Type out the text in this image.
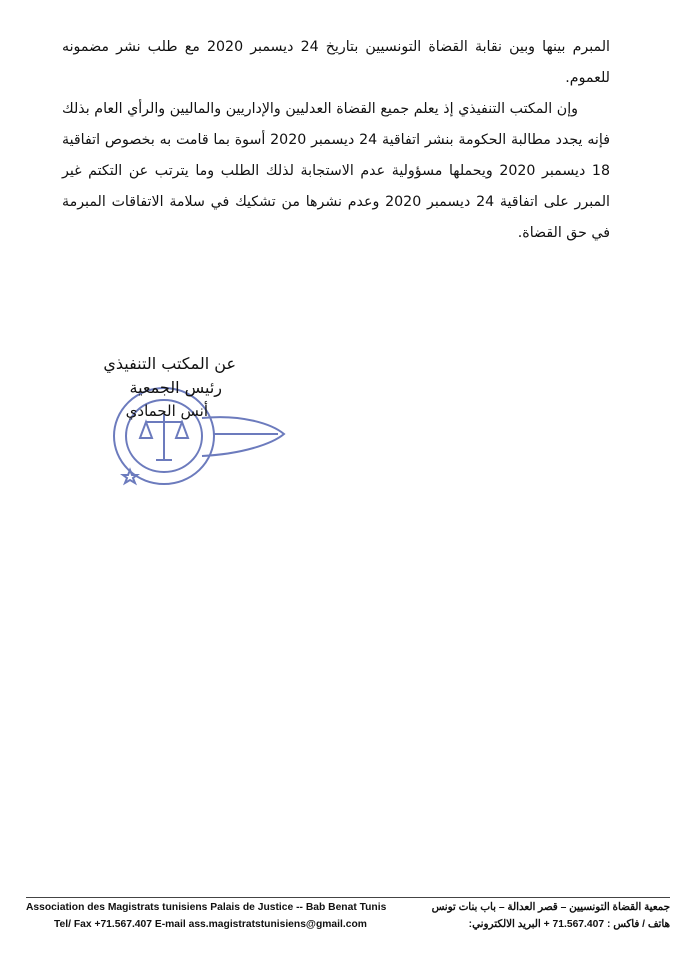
المبرم بينها وبين نقابة القضاة التونسيين بتاريخ 24 ديسمبر 2020 مع طلب نشر مضمونه للعموم.

وإن المكتب التنفيذي إذ يعلم جميع القضاة العدليين والإداريين والماليين والرأي العام بذلك فإنه يجدد مطالبة الحكومة بنشر اتفاقية 24 ديسمبر 2020 أسوة بما قامت به بخصوص اتفاقية 18 ديسمبر 2020 ويحملها مسؤولية عدم الاستجابة لذلك الطلب وما يترتب عن التكتم غير المبرر على اتفاقية 24 ديسمبر 2020 وعدم نشرها من تشكيك في سلامة الاتفاقات المبرمة في حق القضاة.

عن المكتب التنفيذي
رئيس الجمعية
أنس الحمادي
Association des Magistrats tunisiens Palais de Justice -- Bab Benat Tunis	جمعية القضاة التونسيين – قصر العدالة – باب بنات تونس
Tel/ Fax +71.567.407 E-mail ass.magistratstunisiens@gmail.com	هاتف / فاكس : 71.567.407 + البريد الالكتروني:
